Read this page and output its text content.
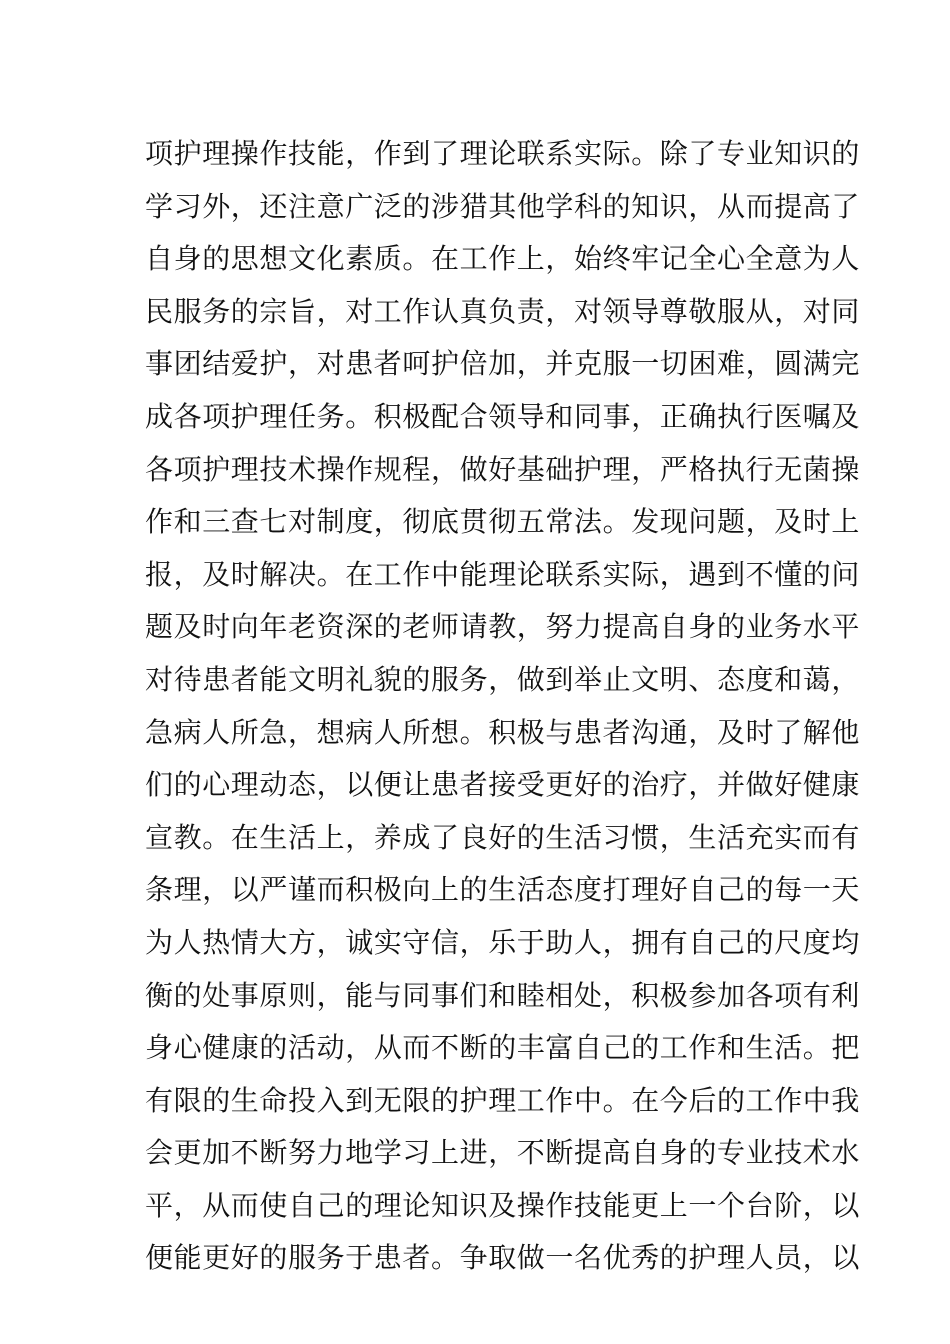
项护理操作技能，作到了理论联系实际。除了专业知识的
学习外，还注意广泛的涉猎其他学科的知识，从而提高了
自身的思想文化素质。在工作上，始终牢记全心全意为人
民服务的宗旨，对工作认真负责，对领导尊敬服从，对同
事团结爱护，对患者呵护倍加，并克服一切困难，圆满完
成各项护理任务。积极配合领导和同事，正确执行医嘱及
各项护理技术操作规程，做好基础护理，严格执行无菌操
作和三查七对制度，彻底贯彻五常法。发现问题，及时上
报，及时解决。在工作中能理论联系实际，遇到不懂的问
题及时向年老资深的老师请教，努力提高自身的业务水平
对待患者能文明礼貌的服务，做到举止文明、态度和蔼，
急病人所急，想病人所想。积极与患者沟通，及时了解他
们的心理动态，以便让患者接受更好的治疗，并做好健康
宣教。在生活上，养成了良好的生活习惯，生活充实而有
条理，以严谨而积极向上的生活态度打理好自己的每一天
为人热情大方，诚实守信，乐于助人，拥有自己的尺度均
衡的处事原则，能与同事们和睦相处，积极参加各项有利
身心健康的活动，从而不断的丰富自己的工作和生活。把
有限的生命投入到无限的护理工作中。在今后的工作中我
会更加不断努力地学习上进，不断提高自身的专业技术水
平，从而使自己的理论知识及操作技能更上一个台阶，以
便能更好的服务于患者。争取做一名优秀的护理人员，以
